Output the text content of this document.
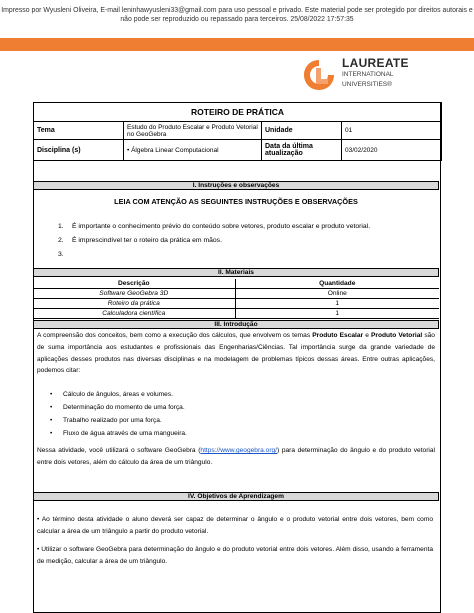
Impresso por Wyusleni Oliveira, E-mail leninhawyusleni33@gmail.com para uso pessoal e privado. Este material pode ser protegido por direitos autorais e não pode ser reproduzido ou repassado para terceiros. 25/08/2022 17:57:35
LAUREATE
INTERNATIONAL
UNIVERSITIES®
ROTEIRO DE PRÁTICA			
Tema	Estudo do Produto Escalar e Produto Vetorial no GeoGebra	Unidade	01
Disciplina (s)	• Álgebra Linear Computacional	Data da última atualização	03/02/2020
I. Instruções e observações
LEIA COM ATENÇÃO AS SEGUINTES INSTRUÇÕES E OBSERVAÇÕES
1. É importante o conhecimento prévio do conteúdo sobre vetores, produto escalar e produto vetorial.
2. É imprescindível ter o roteiro da prática em mãos.
3.
II. Materiais
Descrição	Quantidade
Software GeoGebra 3D	Online
Roteiro da prática	1
Calculadora científica	1
III. Introdução
A compreensão dos conceitos, bem como a execução dos cálculos, que envolvem os temas Produto Escalar e Produto Vetorial são de suma importância aos estudantes e profissionais das Engenharias/Ciências. Tal importância surge da grande variedade de aplicações desses produtos nas diversas disciplinas e na modelagem de problemas típicos dessas áreas. Entre outras aplicações, podemos citar:
• Cálculo de ângulos, áreas e volumes.
• Determinação do momento de uma força.
• Trabalho realizado por uma força.
• Fluxo de água através de uma mangueira.
Nessa atividade, você utilizará o software GeoGebra (https://www.geogebra.org/) para determinação do ângulo e do produto vetorial entre dois vetores, além do cálculo da área de um triângulo.
IV. Objetivos de Aprendizagem
• Ao término desta atividade o aluno deverá ser capaz de determinar o ângulo e o produto vetorial entre dois vetores, bem como calcular a área de um triângulo a partir do produto vetorial.
• Utilizar o software GeoGebra para determinação do ângulo e do produto vetorial entre dois vetores. Além disso, usando a ferramenta de medição, calcular a área de um triângulo.
